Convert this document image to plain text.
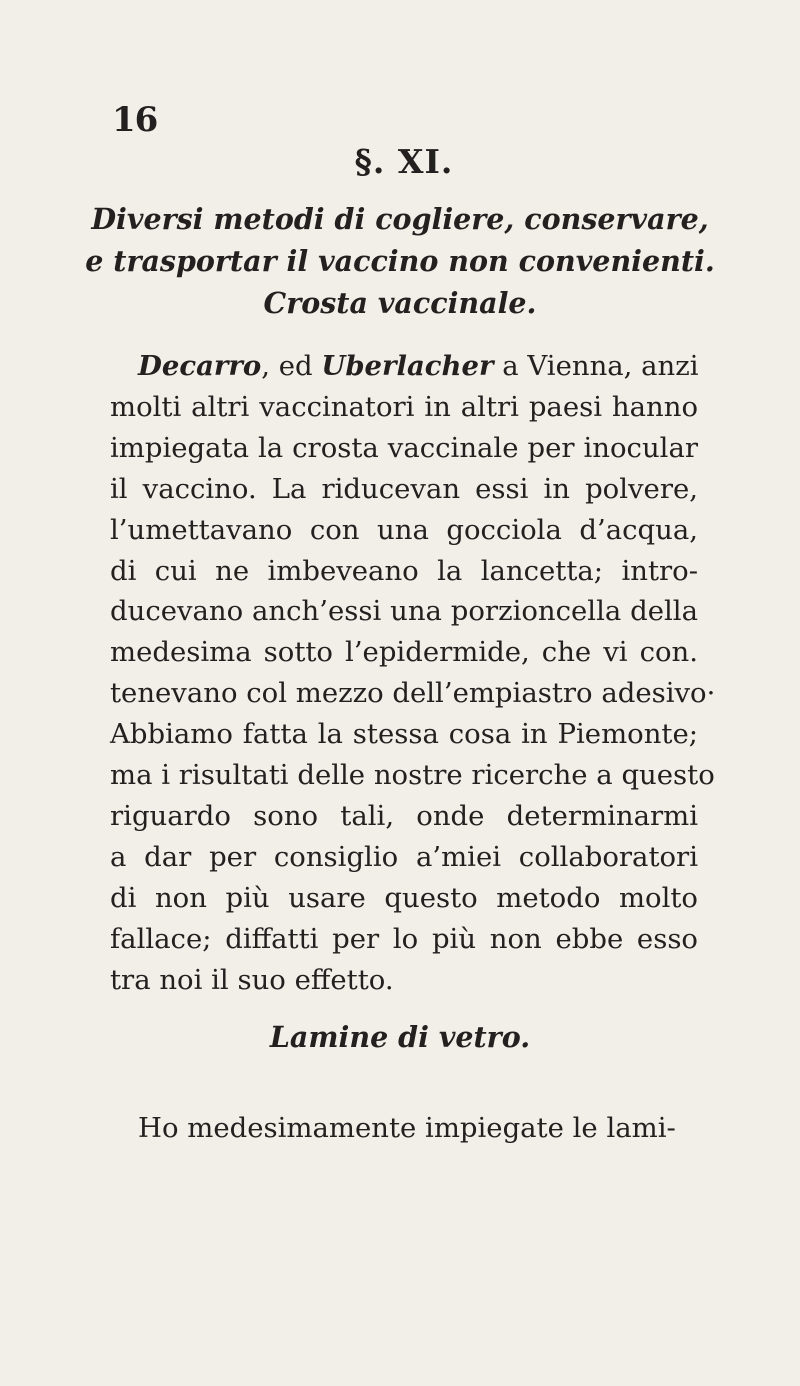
16
§. XI.
Diversi metodi di cogliere, conservare,
e trasportar il vaccino non convenienti.
Crosta vaccinale.
Decarro, ed Uberlacher a Vienna, anzi
molti altri vaccinatori in altri paesi hanno
impiegata la crosta vaccinale per inocular
il vaccino. La riducevan essi in polvere,
l’umettavano con una gocciola d’acqua,
di cui ne imbeveano la lancetta; intro-
ducevano anch’essi una porzioncella della
medesima sotto l’epidermide, che vi con.
tenevano col mezzo dell’empiastro adesivo·
Abbiamo fatta la stessa cosa in Piemonte;
ma i risultati delle nostre ricerche a questo
riguardo sono tali, onde determinarmi
a dar per consiglio a’miei collaboratori
di non più usare questo metodo molto
fallace; diffatti per lo più non ebbe esso
tra noi il suo effetto.
Lamine di vetro.
Ho medesimamente impiegate le lami-
